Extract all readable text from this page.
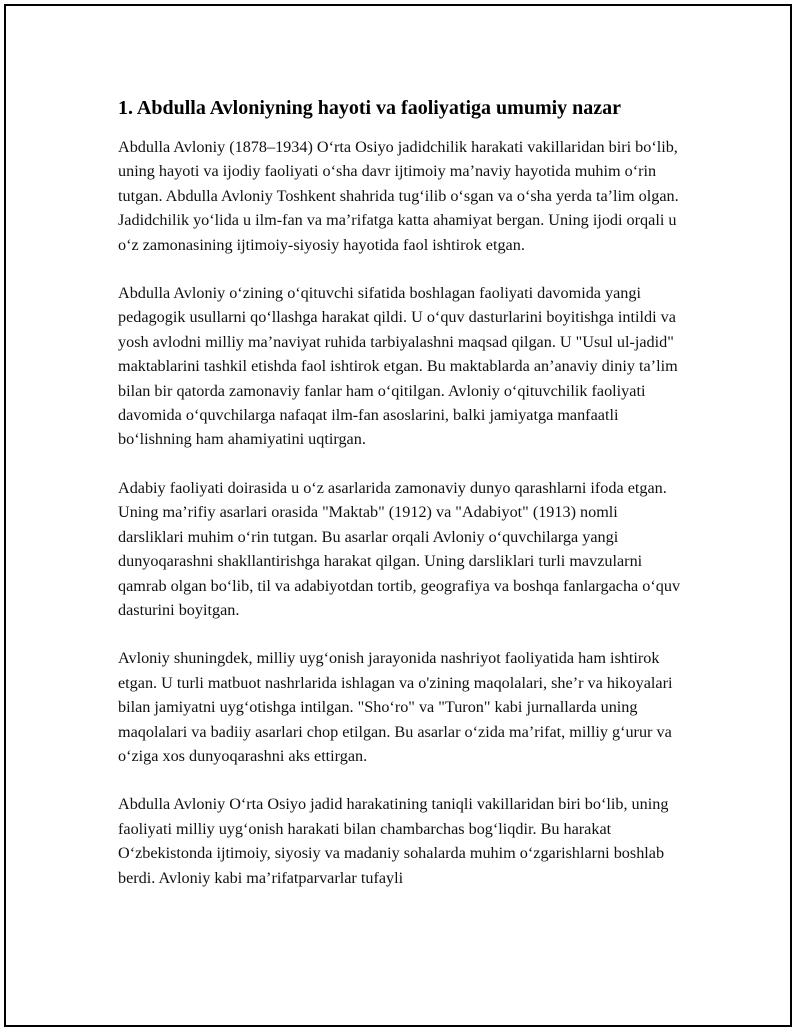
1. Abdulla Avloniyning hayoti va faoliyatiga umumiy nazar

Abdulla Avloniy (1878–1934) O‘rta Osiyo jadidchilik harakati vakillaridan biri bo‘lib, uning hayoti va ijodiy faoliyati o‘sha davr ijtimoiy ma’naviy hayotida muhim o‘rin tutgan. Abdulla Avloniy Toshkent shahrida tug‘ilib o‘sgan va o‘sha yerda ta’lim olgan. Jadidchilik yo‘lida u ilm-fan va ma’rifatga katta ahamiyat bergan. Uning ijodi orqali u o‘z zamonasining ijtimoiy-siyosiy hayotida faol ishtirok etgan.

Abdulla Avloniy o‘zining o‘qituvchi sifatida boshlagan faoliyati davomida yangi pedagogik usullarni qo‘llashga harakat qildi. U o‘quv dasturlarini boyitishga intildi va yosh avlodni milliy ma’naviyat ruhida tarbiyalashni maqsad qilgan. U "Usul ul-jadid" maktablarini tashkil etishda faol ishtirok etgan. Bu maktablarda an’anaviy diniy ta’lim bilan bir qatorda zamonaviy fanlar ham o‘qitilgan. Avloniy o‘qituvchilik faoliyati davomida o‘quvchilarga nafaqat ilm-fan asoslarini, balki jamiyatga manfaatli bo‘lishning ham ahamiyatini uqtirgan.

Adabiy faoliyati doirasida u o‘z asarlarida zamonaviy dunyo qarashlarni ifoda etgan. Uning ma’rifiy asarlari orasida "Maktab" (1912) va "Adabiyot" (1913) nomli darsliklari muhim o‘rin tutgan. Bu asarlar orqali Avloniy o‘quvchilarga yangi dunyoqarashni shakllantirishga harakat qilgan. Uning darsliklari turli mavzularni qamrab olgan bo‘lib, til va adabiyotdan tortib, geografiya va boshqa fanlargacha o‘quv dasturini boyitgan.

Avloniy shuningdek, milliy uyg‘onish jarayonida nashriyot faoliyatida ham ishtirok etgan. U turli matbuot nashrlarida ishlagan va o'zining maqolalari, she’r va hikoyalari bilan jamiyatni uyg‘otishga intilgan. "Sho‘ro" va "Turon" kabi jurnallarda uning maqolalari va badiiy asarlari chop etilgan. Bu asarlar o‘zida ma’rifat, milliy g‘urur va o‘ziga xos dunyoqarashni aks ettirgan.

Abdulla Avloniy O‘rta Osiyo jadid harakatining taniqli vakillaridan biri bo‘lib, uning faoliyati milliy uyg‘onish harakati bilan chambarchas bog‘liqdir. Bu harakat O‘zbekistonda ijtimoiy, siyosiy va madaniy sohalarda muhim o‘zgarishlarni boshlab berdi. Avloniy kabi ma’rifatparvarlar tufayli
